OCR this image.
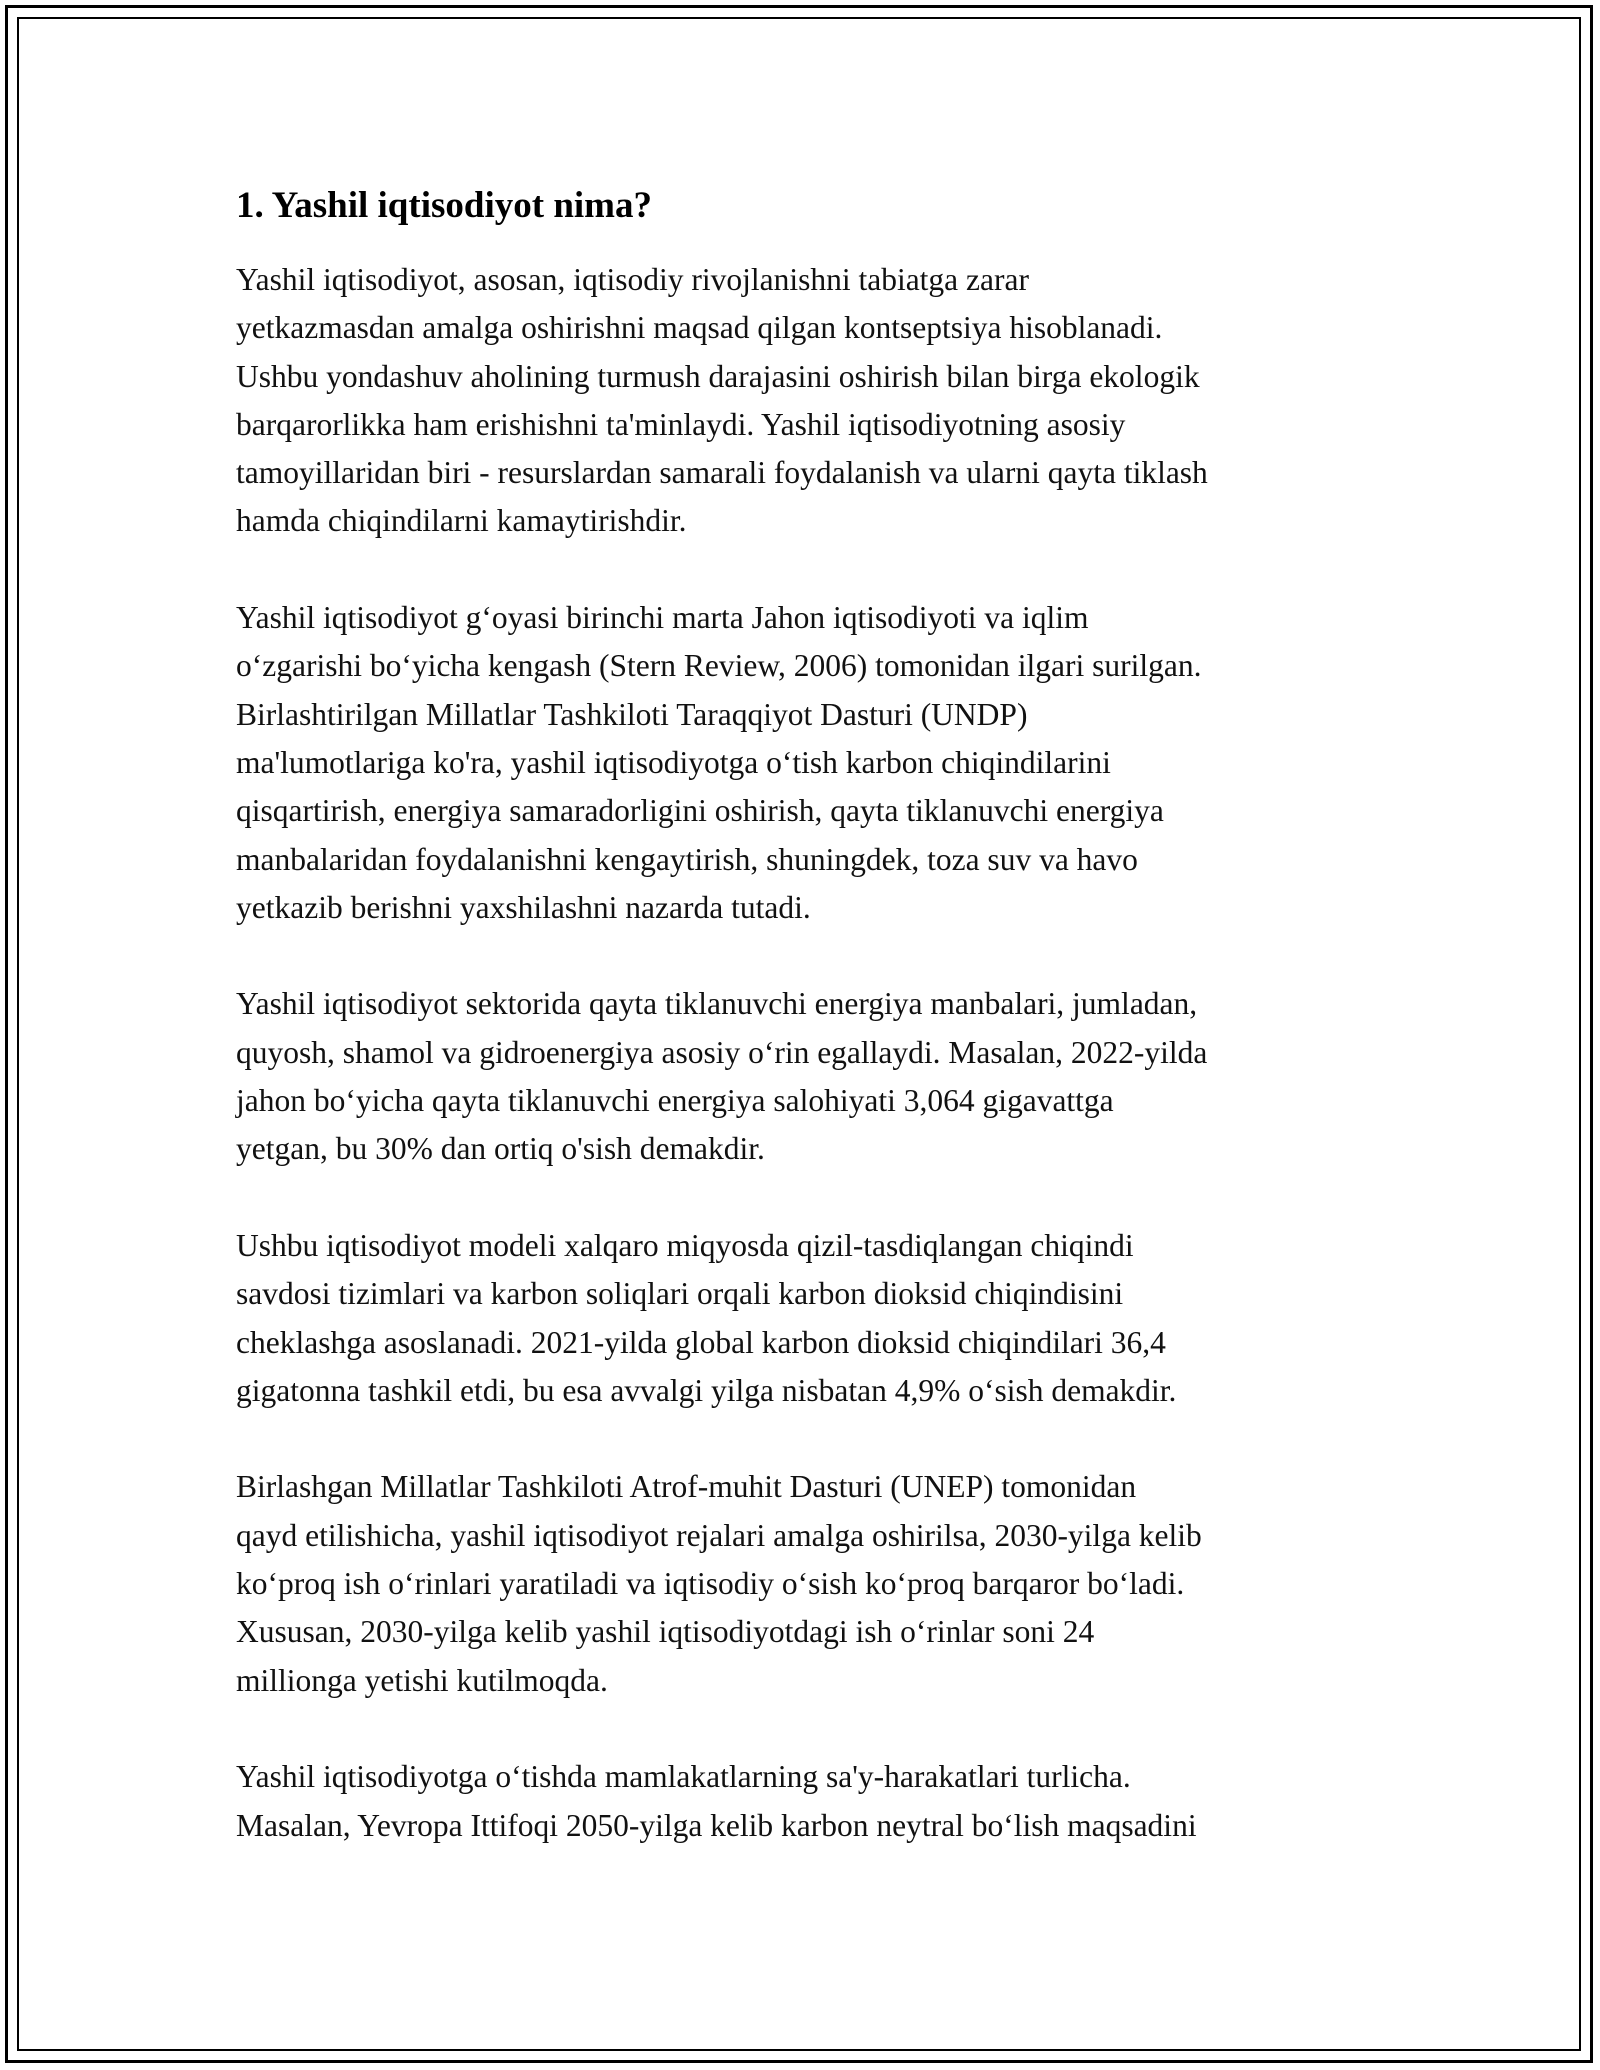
1. Yashil iqtisodiyot nima?

Yashil iqtisodiyot, asosan, iqtisodiy rivojlanishni tabiatga zarar
yetkazmasdan amalga oshirishni maqsad qilgan kontseptsiya hisoblanadi.
Ushbu yondashuv aholining turmush darajasini oshirish bilan birga ekologik
barqarorlikka ham erishishni ta'minlaydi. Yashil iqtisodiyotning asosiy
tamoyillaridan biri - resurslardan samarali foydalanish va ularni qayta tiklash
hamda chiqindilarni kamaytirishdir.

Yashil iqtisodiyot g‘oyasi birinchi marta Jahon iqtisodiyoti va iqlim
o‘zgarishi bo‘yicha kengash (Stern Review, 2006) tomonidan ilgari surilgan.
Birlashtirilgan Millatlar Tashkiloti Taraqqiyot Dasturi (UNDP)
ma'lumotlariga ko'ra, yashil iqtisodiyotga o‘tish karbon chiqindilarini
qisqartirish, energiya samaradorligini oshirish, qayta tiklanuvchi energiya
manbalaridan foydalanishni kengaytirish, shuningdek, toza suv va havo
yetkazib berishni yaxshilashni nazarda tutadi.

Yashil iqtisodiyot sektorida qayta tiklanuvchi energiya manbalari, jumladan,
quyosh, shamol va gidroenergiya asosiy o‘rin egallaydi. Masalan, 2022-yilda
jahon bo‘yicha qayta tiklanuvchi energiya salohiyati 3,064 gigavattga
yetgan, bu 30% dan ortiq o'sish demakdir.

Ushbu iqtisodiyot modeli xalqaro miqyosda qizil-tasdiqlangan chiqindi
savdosi tizimlari va karbon soliqlari orqali karbon dioksid chiqindisini
cheklashga asoslanadi. 2021-yilda global karbon dioksid chiqindilari 36,4
gigatonna tashkil etdi, bu esa avvalgi yilga nisbatan 4,9% o‘sish demakdir.

Birlashgan Millatlar Tashkiloti Atrof-muhit Dasturi (UNEP) tomonidan
qayd etilishicha, yashil iqtisodiyot rejalari amalga oshirilsa, 2030-yilga kelib
ko‘proq ish o‘rinlari yaratiladi va iqtisodiy o‘sish ko‘proq barqaror bo‘ladi.
Xususan, 2030-yilga kelib yashil iqtisodiyotdagi ish o‘rinlar soni 24
millionga yetishi kutilmoqda.

Yashil iqtisodiyotga o‘tishda mamlakatlarning sa'y-harakatlari turlicha.
Masalan, Yevropa Ittifoqi 2050-yilga kelib karbon neytral bo‘lish maqsadini
